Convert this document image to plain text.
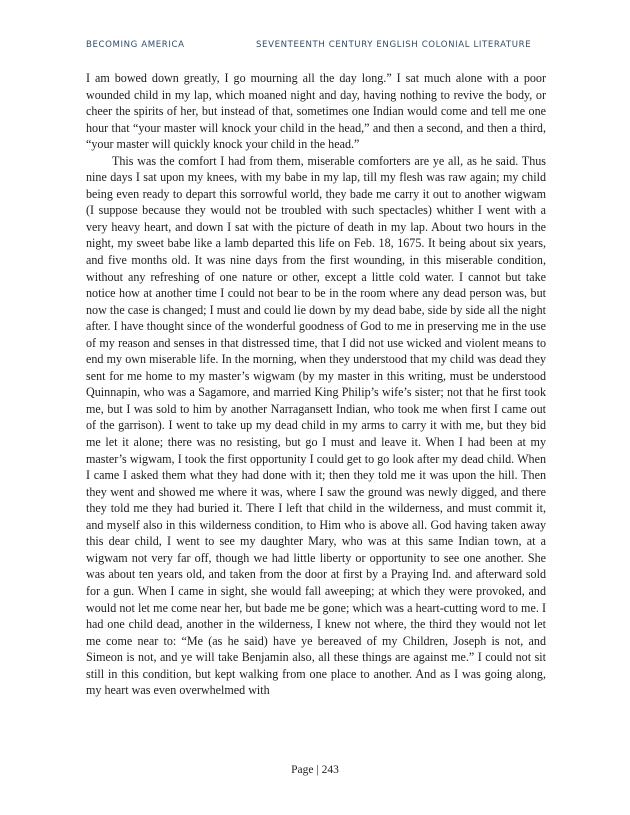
BECOMING AMERICA	SEVENTEENTH CENTURY ENGLISH COLONIAL LITERATURE

I am bowed down greatly, I go mourning all the day long.” I sat much alone with a poor wounded child in my lap, which moaned night and day, having nothing to revive the body, or cheer the spirits of her, but instead of that, sometimes one Indian would come and tell me one hour that “your master will knock your child in the head,” and then a second, and then a third, “your master will quickly knock your child in the head.”

This was the comfort I had from them, miserable comforters are ye all, as he said. Thus nine days I sat upon my knees, with my babe in my lap, till my flesh was raw again; my child being even ready to depart this sorrowful world, they bade me carry it out to another wigwam (I suppose because they would not be troubled with such spectacles) whither I went with a very heavy heart, and down I sat with the picture of death in my lap. About two hours in the night, my sweet babe like a lamb departed this life on Feb. 18, 1675. It being about six years, and five months old. It was nine days from the first wounding, in this miserable condition, without any refreshing of one nature or other, except a little cold water. I cannot but take notice how at another time I could not bear to be in the room where any dead person was, but now the case is changed; I must and could lie down by my dead babe, side by side all the night after. I have thought since of the wonderful goodness of God to me in preserving me in the use of my reason and senses in that distressed time, that I did not use wicked and violent means to end my own miserable life. In the morning, when they understood that my child was dead they sent for me home to my master’s wigwam (by my master in this writing, must be understood Quinnapin, who was a Sagamore, and married King Philip’s wife’s sister; not that he first took me, but I was sold to him by another Narragansett Indian, who took me when first I came out of the garrison). I went to take up my dead child in my arms to carry it with me, but they bid me let it alone; there was no resisting, but go I must and leave it. When I had been at my master’s wigwam, I took the first opportunity I could get to go look after my dead child. When I came I asked them what they had done with it; then they told me it was upon the hill. Then they went and showed me where it was, where I saw the ground was newly digged, and there they told me they had buried it. There I left that child in the wilderness, and must commit it, and myself also in this wilderness condition, to Him who is above all. God having taken away this dear child, I went to see my daughter Mary, who was at this same Indian town, at a wigwam not very far off, though we had little liberty or opportunity to see one another. She was about ten years old, and taken from the door at first by a Praying Ind. and afterward sold for a gun. When I came in sight, she would fall aweeping; at which they were provoked, and would not let me come near her, but bade me be gone; which was a heart-cutting word to me. I had one child dead, another in the wilderness, I knew not where, the third they would not let me come near to: “Me (as he said) have ye bereaved of my Children, Joseph is not, and Simeon is not, and ye will take Benjamin also, all these things are against me.” I could not sit still in this condition, but kept walking from one place to another. And as I was going along, my heart was even overwhelmed with

Page | 243
